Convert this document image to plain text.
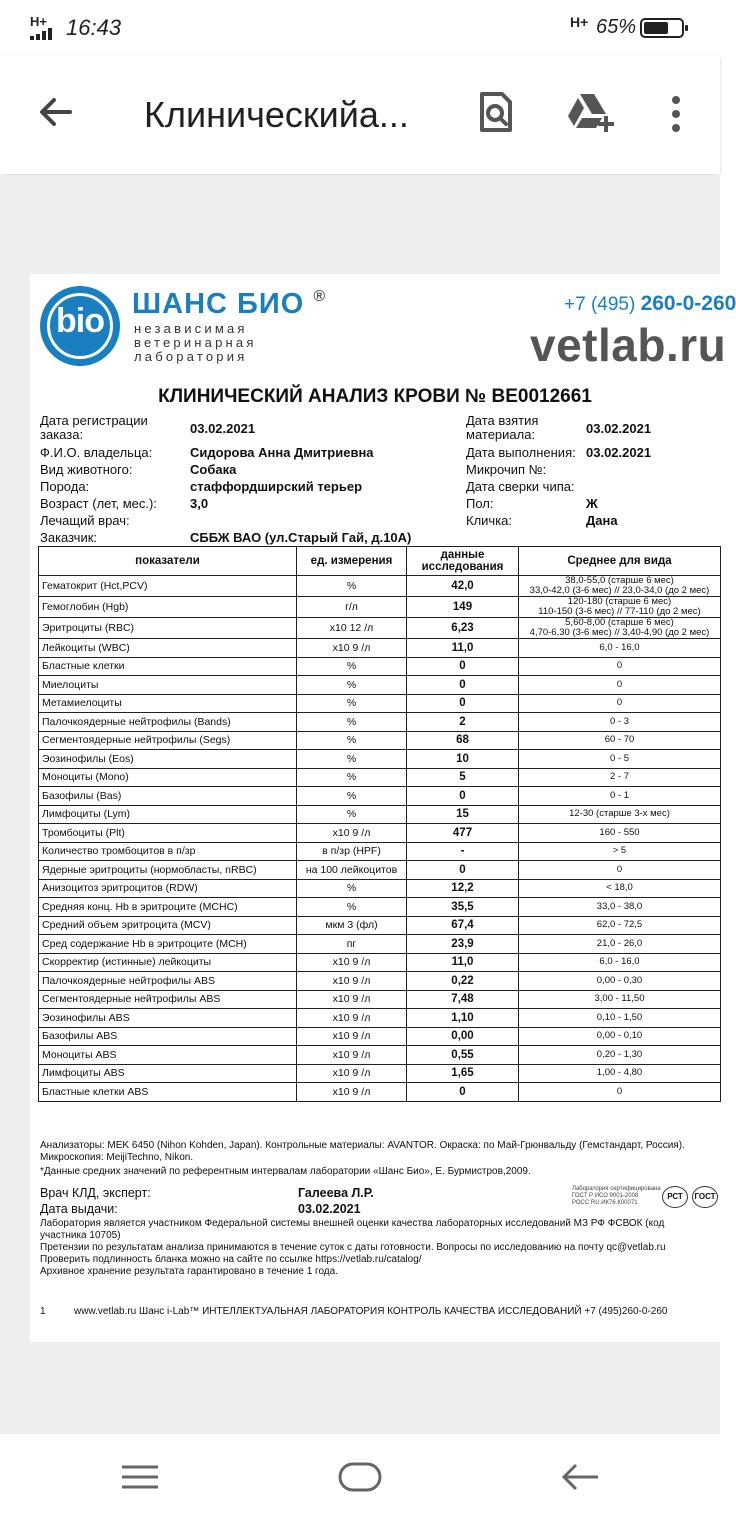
H+ 16:43	H+ 65%
Клиническийа...
bio ШАНС БИО ®
независимая
ветеринарная
лаборатория
+7 (495) 260-0-260
vetlab.ru
КЛИНИЧЕСКИЙ АНАЛИЗ КРОВИ № BE0012661
Дата регистрации заказа:	03.02.2021
Ф.И.О. владельца:	Сидорова Анна Дмитриевна
Вид животного:	Собака
Порода:	стаффордширский терьер
Возраст (лет, мес.):	3,0
Лечащий врач:
Заказчик:	СББЖ ВАО (ул.Старый Гай, д.10А)
Дата взятия материала:	03.02.2021
Дата выполнения: 03.02.2021
Микрочип №:
Дата сверки чипа:
Пол:	Ж
Кличка:	Дана
показатели	ед. измерения	данные исследования	Среднее для вида
Гематокрит (Hct,PCV)	%	42,0	38,0-55,0 (старше 6 мес)
33,0-42,0 (3-6 мес) // 23,0-34,0 (до 2 мес)
Гемоглобин (Hgb)	г/л	149	120-180 (старше 6 мес)
110-150 (3-6 мес) // 77-110 (до 2 мес)
Эритроциты (RBC)	x10 12 /л	6,23	5,60-8,00 (старше 6 мес)
4,70-6,30 (3-6 мес) // 3,40-4,90 (до 2 мес)
Лейкоциты (WBC)	x10 9 /л	11,0	6,0 - 16,0
Бластные клетки	%	0	0
Миелоциты	%	0	0
Метамиелоциты	%	0	0
Палочкоядерные нейтрофилы (Bands)	%	2	0 - 3
Сегментоядерные нейтрофилы (Segs)	%	68	60 - 70
Эозинофилы (Eos)	%	10	0 - 5
Моноциты (Mono)	%	5	2 - 7
Базофилы (Bas)	%	0	0 - 1
Лимфоциты (Lym)	%	15	12-30 (старше 3-х мес)
Тромбоциты (Plt)	x10 9 /л	477	160 - 550
Количество тромбоцитов в п/зр	в п/зр (HPF)	-	> 5
Ядерные эритроциты (нормобласты, nRBC)	на 100 лейкоцитов	0	0
Анизоцитоз эритроцитов (RDW)	%	12,2	< 18,0
Средняя конц. Hb в эритроците (MCHC)	%	35,5	33,0 - 38,0
Средний объем эритроцита (MCV)	мкм 3 (фл)	67,4	62,0 - 72,5
Сред содержание Hb в эритроците (MCH)	пг	23,9	21,0 - 26,0
Скорректир (истинные) лейкоциты	x10 9 /л	11,0	6,0 - 16,0
Палочкоядерные нейтрофилы ABS	x10 9 /л	0,22	0,00 - 0,30
Сегментоядерные нейтрофилы ABS	x10 9 /л	7,48	3,00 - 11,50
Эозинофилы ABS	x10 9 /л	1,10	0,10 - 1,50
Базофилы ABS	x10 9 /л	0,00	0,00 - 0,10
Моноциты ABS	x10 9 /л	0,55	0,20 - 1,30
Лимфоциты ABS	x10 9 /л	1,65	1,00 - 4,80
Бластные клетки ABS	x10 9 /л	0	0
Анализаторы: MEK 6450 (Nihon Kohden, Japan). Контрольные материалы: AVANTOR. Окраска: по Май-Грюнвальду (Гемстандарт, Россия). Микроскопия: MeijiTechno, Nikon.
*Данные средних значений по референтным интервалам лаборатории «Шанс Био», Е. Бурмистров,2009.
Врач КЛД, эксперт:	Галеева Л.Р.
Дата выдачи:	03.02.2021
Лаборатория сертифицирована
ГОСТ Р ИСО 9001-2008
РОСС RU.ИК76.К00071
РСТ	ГОСТ
Лаборатория является участником Федеральной системы внешней оценки качества лабораторных исследований МЗ РФ ФСВОК (код
участника 10705)
Претензии по результатам анализа принимаются в течение суток с даты готовности. Вопросы по исследованию на почту qc@vetlab.ru
Проверить подлинность бланка можно на сайте по ссылке https://vetlab.ru/catalog/
Архивное хранение результата гарантировано в течение 1 года.
1	www.vetlab.ru Шанс i-Lab™ ИНТЕЛЛЕКТУАЛЬНАЯ ЛАБОРАТОРИЯ КОНТРОЛЬ КАЧЕСТВА ИССЛЕДОВАНИЙ +7 (495)260-0-260
